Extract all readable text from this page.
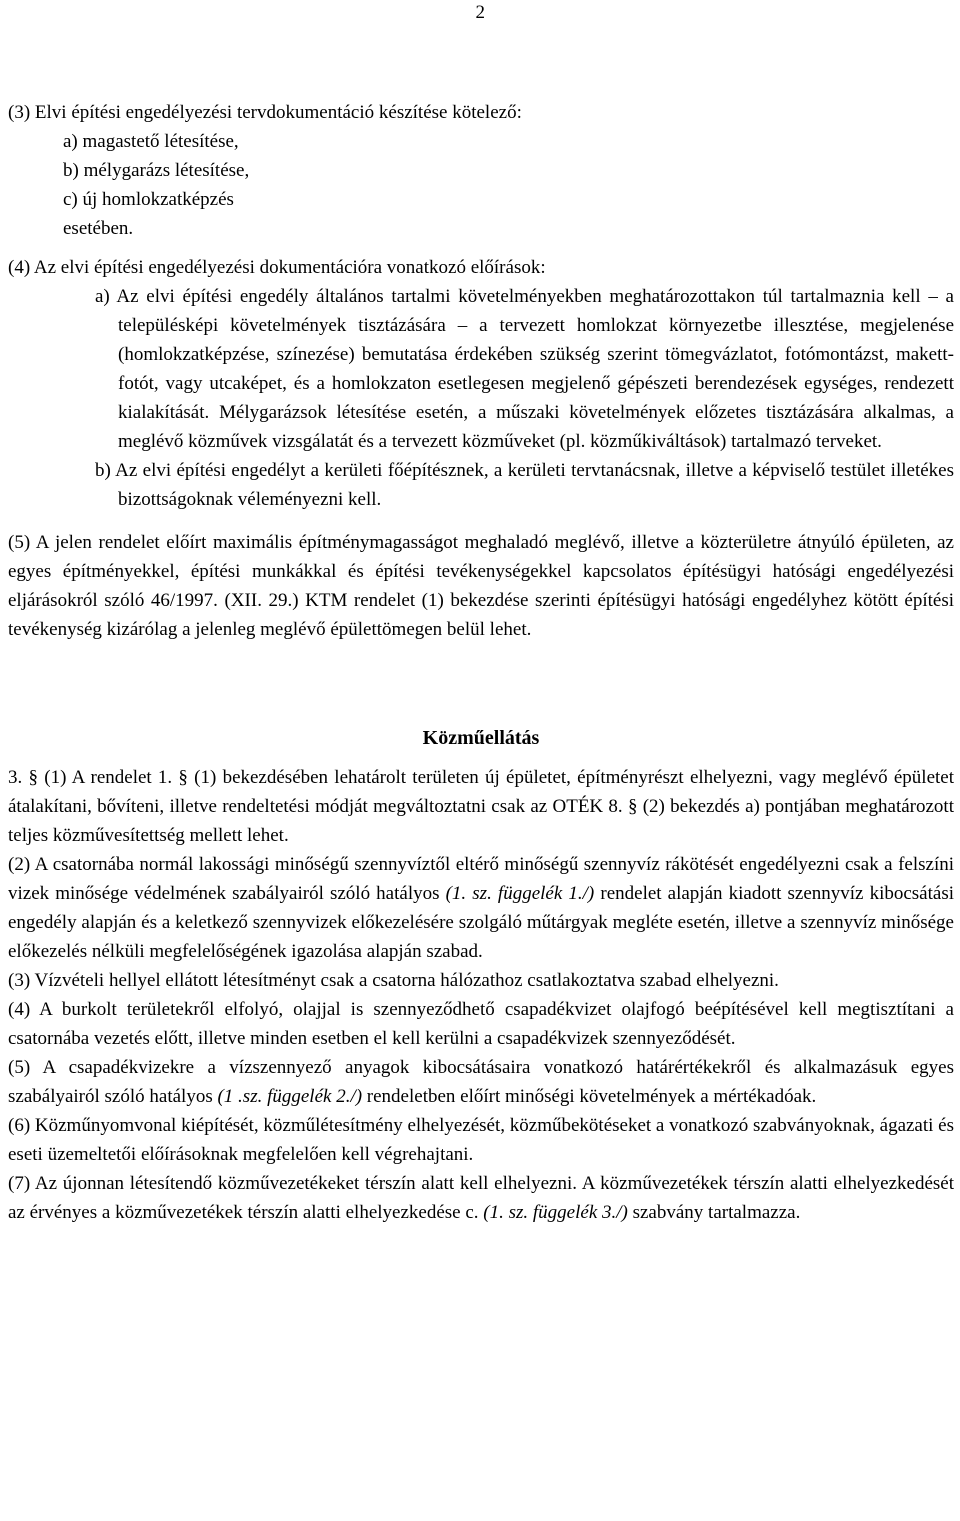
2

(3) Elvi építési engedélyezési tervdokumentáció készítése kötelező:

a) magastető létesítése,

b) mélygarázs létesítése,

c) új homlokzatképzés

esetében.

(4) Az elvi építési engedélyezési dokumentációra vonatkozó előírások:

a) Az elvi építési engedély általános tartalmi követelményekben meghatározottakon túl tartalmaznia kell – a településképi követelmények tisztázására – a tervezett homlokzat környezetbe illesztése, megjelenése (homlokzatképzése, színezése) bemutatása érdekében szükség szerint tömegvázlatot, fotómontázst, makett-fotót, vagy utcaképet, és a homlokzaton esetlegesen megjelenő gépészeti berendezések egységes, rendezett kialakítását. Mélygarázsok létesítése esetén, a műszaki követelmények előzetes tisztázására alkalmas, a meglévő közművek vizsgálatát és a tervezett közműveket (pl. közműkiváltások) tartalmazó terveket.

b) Az elvi építési engedélyt a kerületi főépítésznek, a kerületi tervtanácsnak, illetve a képviselő testület illetékes bizottságoknak véleményezni kell.

(5) A jelen rendelet előírt maximális építménymagasságot meghaladó meglévő, illetve a közterületre átnyúló épületen, az egyes építményekkel, építési munkákkal és építési tevékenységekkel kapcsolatos építésügyi hatósági engedélyezési eljárásokról szóló 46/1997. (XII. 29.) KTM rendelet (1) bekezdése szerinti építésügyi hatósági engedélyhez kötött építési tevékenység kizárólag a jelenleg meglévő épülettömegen belül lehet.

Közműellátás

3. § (1) A rendelet 1. § (1) bekezdésében lehatárolt területen új épületet, építményrészt elhelyezni, vagy meglévő épületet átalakítani, bővíteni, illetve rendeltetési módját megváltoztatni csak az OTÉK 8. § (2) bekezdés a) pontjában meghatározott teljes közművesítettség mellett lehet.

(2) A csatornába normál lakossági minőségű szennyvíztől eltérő minőségű szennyvíz rákötését engedélyezni csak a felszíni vizek minősége védelmének szabályairól szóló hatályos (1. sz. függelék 1./) rendelet alapján kiadott szennyvíz kibocsátási engedély alapján és a keletkező szennyvizek előkezelésére szolgáló műtárgyak megléte esetén, illetve a szennyvíz minősége előkezelés nélküli megfelelőségének igazolása alapján szabad.

(3) Vízvételi hellyel ellátott létesítményt csak a csatorna hálózathoz csatlakoztatva szabad elhelyezni.

(4) A burkolt területekről elfolyó, olajjal is szennyeződhető csapadékvizet olajfogó beépítésével kell megtisztítani a csatornába vezetés előtt, illetve minden esetben el kell kerülni a csapadékvizek szennyeződését.

(5) A csapadékvizekre a vízszennyező anyagok kibocsátásaira vonatkozó határértékekről és alkalmazásuk egyes szabályairól szóló hatályos (1 .sz. függelék 2./) rendeletben előírt minőségi követelmények a mértékadóak.

(6) Közműnyomvonal kiépítését, közműlétesítmény elhelyezését, közműbekötéseket a vonatkozó szabványoknak, ágazati és eseti üzemeltetői előírásoknak megfelelően kell végrehajtani.

(7) Az újonnan létesítendő közművezetékeket térszín alatt kell elhelyezni. A közművezetékek térszín alatti elhelyezkedését az érvényes a közművezetékek térszín alatti elhelyezkedése c. (1. sz. függelék 3./) szabvány tartalmazza.
